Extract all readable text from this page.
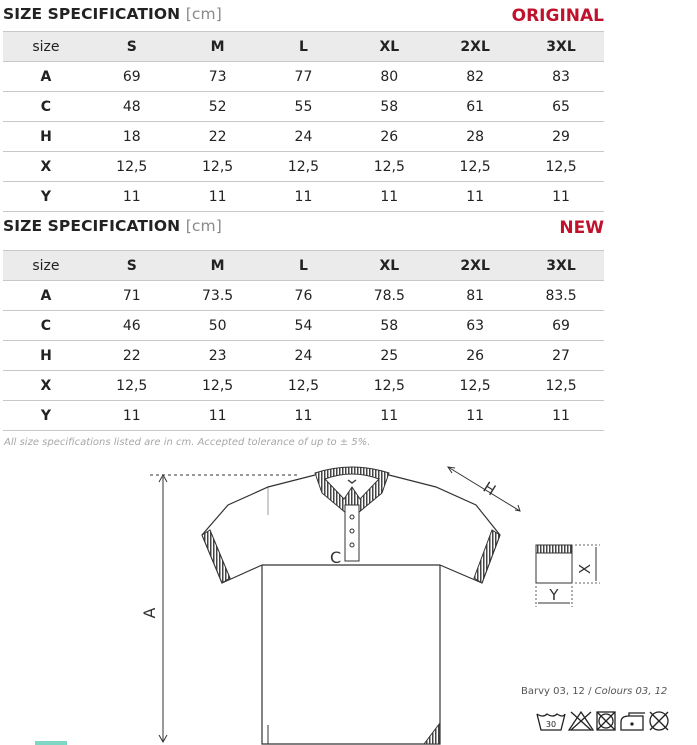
SIZE SPECIFICATION [cm]	ORIGINAL
size	S	M	L	XL	2XL	3XL
A	69	73	77	80	82	83
C	48	52	55	58	61	65
H	18	22	24	26	28	29
X	12,5	12,5	12,5	12,5	12,5	12,5
Y	11	11	11	11	11	11
SIZE SPECIFICATION [cm]	NEW
size	S	M	L	XL	2XL	3XL
A	71	73.5	76	78.5	81	83.5
C	46	50	54	58	63	69
H	22	23	24	25	26	27
X	12,5	12,5	12,5	12,5	12,5	12,5
Y	11	11	11	11	11	11
All size specifications listed are in cm. Accepted tolerance of up to ± 5%.
A
C
H
X
Y
Barvy 03, 12 / Colours 03, 12
30
